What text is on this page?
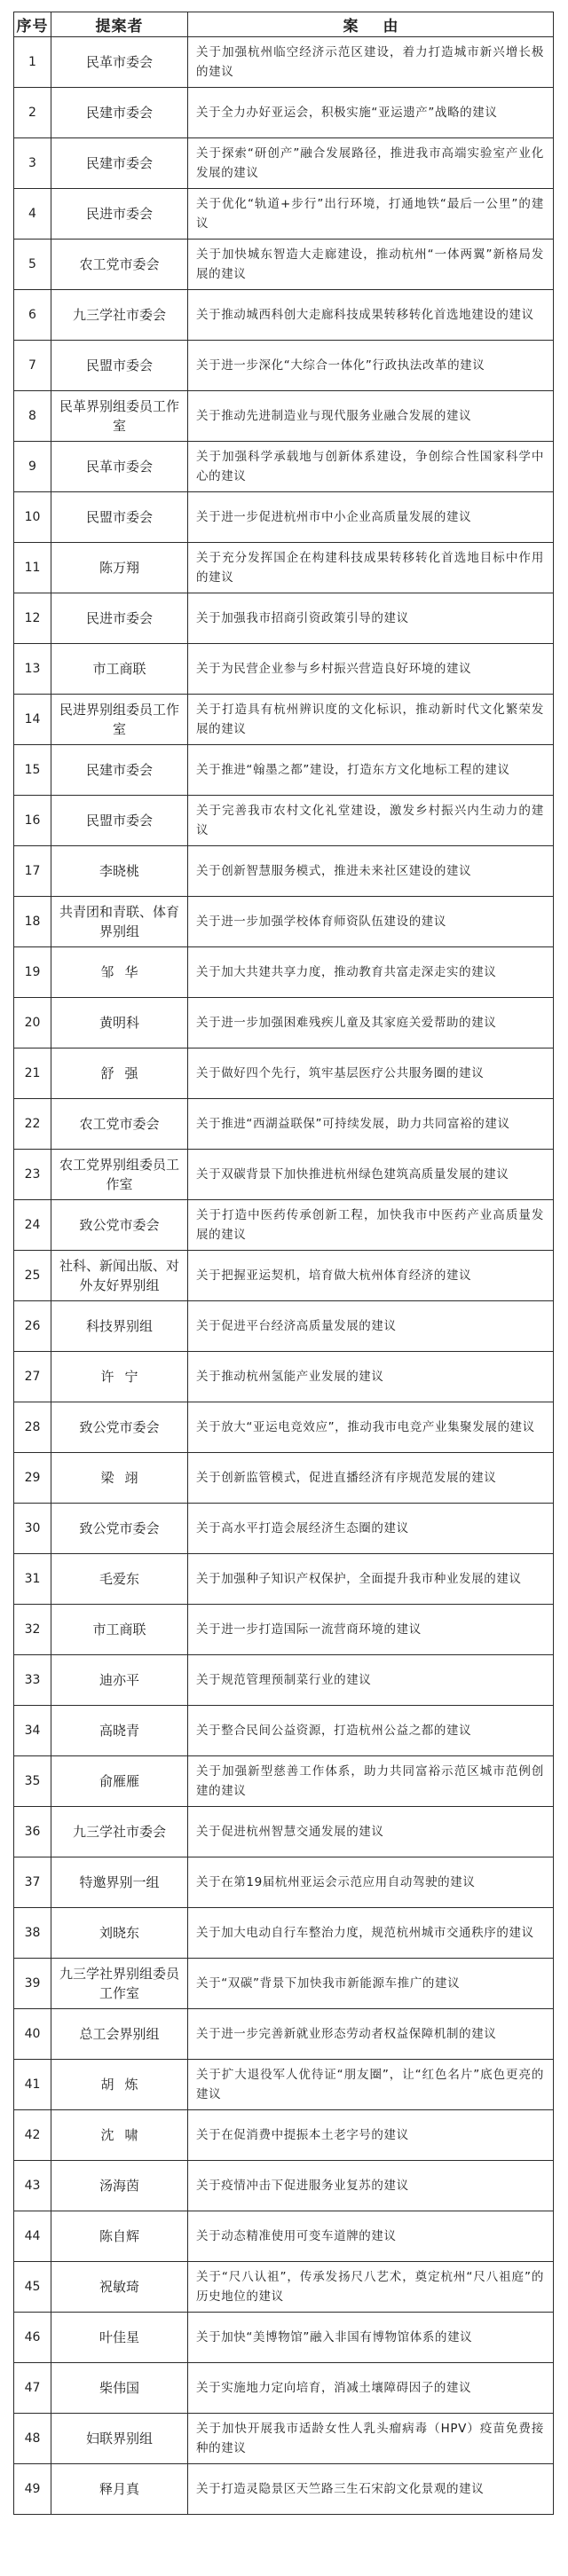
序号	提案者	案由
1	民革市委会	关于加强杭州临空经济示范区建设，着力打造城市新兴增长极的建议
2	民建市委会	关于全力办好亚运会，积极实施“亚运遗产”战略的建议
3	民建市委会	关于探索“研创产”融合发展路径，推进我市高端实验室产业化发展的建议
4	民进市委会	关于优化“轨道+步行”出行环境，打通地铁“最后一公里”的建议
5	农工党市委会	关于加快城东智造大走廊建设，推动杭州“一体两翼”新格局发展的建议
6	九三学社市委会	关于推动城西科创大走廊科技成果转移转化首选地建设的建议
7	民盟市委会	关于进一步深化“大综合一体化”行政执法改革的建议
8	民革界别组委员工作室	关于推动先进制造业与现代服务业融合发展的建议
9	民革市委会	关于加强科学承载地与创新体系建设，争创综合性国家科学中心的建议
10	民盟市委会	关于进一步促进杭州市中小企业高质量发展的建议
11	陈万翔	关于充分发挥国企在构建科技成果转移转化首选地目标中作用的建议
12	民进市委会	关于加强我市招商引资政策引导的建议
13	市工商联	关于为民营企业参与乡村振兴营造良好环境的建议
14	民进界别组委员工作室	关于打造具有杭州辨识度的文化标识，推动新时代文化繁荣发展的建议
15	民建市委会	关于推进“翰墨之都”建设，打造东方文化地标工程的建议
16	民盟市委会	关于完善我市农村文化礼堂建设，激发乡村振兴内生动力的建议
17	李晓桃	关于创新智慧服务模式，推进未来社区建设的建议
18	共青团和青联、体育界别组	关于进一步加强学校体育师资队伍建设的建议
19	邹华	关于加大共建共享力度，推动教育共富走深走实的建议
20	黄明科	关于进一步加强困难残疾儿童及其家庭关爱帮助的建议
21	舒强	关于做好四个先行，筑牢基层医疗公共服务圈的建议
22	农工党市委会	关于推进“西湖益联保”可持续发展，助力共同富裕的建议
23	农工党界别组委员工作室	关于双碳背景下加快推进杭州绿色建筑高质量发展的建议
24	致公党市委会	关于打造中医药传承创新工程，加快我市中医药产业高质量发展的建议
25	社科、新闻出版、对外友好界别组	关于把握亚运契机，培育做大杭州体育经济的建议
26	科技界别组	关于促进平台经济高质量发展的建议
27	许宁	关于推动杭州氢能产业发展的建议
28	致公党市委会	关于放大“亚运电竞效应”，推动我市电竞产业集聚发展的建议
29	梁翊	关于创新监管模式，促进直播经济有序规范发展的建议
30	致公党市委会	关于高水平打造会展经济生态圈的建议
31	毛爱东	关于加强种子知识产权保护，全面提升我市种业发展的建议
32	市工商联	关于进一步打造国际一流营商环境的建议
33	迪亦平	关于规范管理预制菜行业的建议
34	高晓青	关于整合民间公益资源，打造杭州公益之都的建议
35	俞雁雁	关于加强新型慈善工作体系，助力共同富裕示范区城市范例创建的建议
36	九三学社市委会	关于促进杭州智慧交通发展的建议
37	特邀界别一组	关于在第19届杭州亚运会示范应用自动驾驶的建议
38	刘晓东	关于加大电动自行车整治力度，规范杭州城市交通秩序的建议
39	九三学社界别组委员工作室	关于“双碳”背景下加快我市新能源车推广的建议
40	总工会界别组	关于进一步完善新就业形态劳动者权益保障机制的建议
41	胡炼	关于扩大退役军人优待证“朋友圈”，让“红色名片”底色更亮的建议
42	沈啸	关于在促消费中提振本土老字号的建议
43	汤海茵	关于疫情冲击下促进服务业复苏的建议
44	陈自辉	关于动态精准使用可变车道牌的建议
45	祝敏琦	关于“尺八认祖”，传承发扬尺八艺术，奠定杭州“尺八祖庭”的历史地位的建议
46	叶佳星	关于加快“美博物馆”融入非国有博物馆体系的建议
47	柴伟国	关于实施地力定向培育，消减土壤障碍因子的建议
48	妇联界别组	关于加快开展我市适龄女性人乳头瘤病毒（HPV）疫苗免费接种的建议
49	释月真	关于打造灵隐景区天竺路三生石宋韵文化景观的建议
